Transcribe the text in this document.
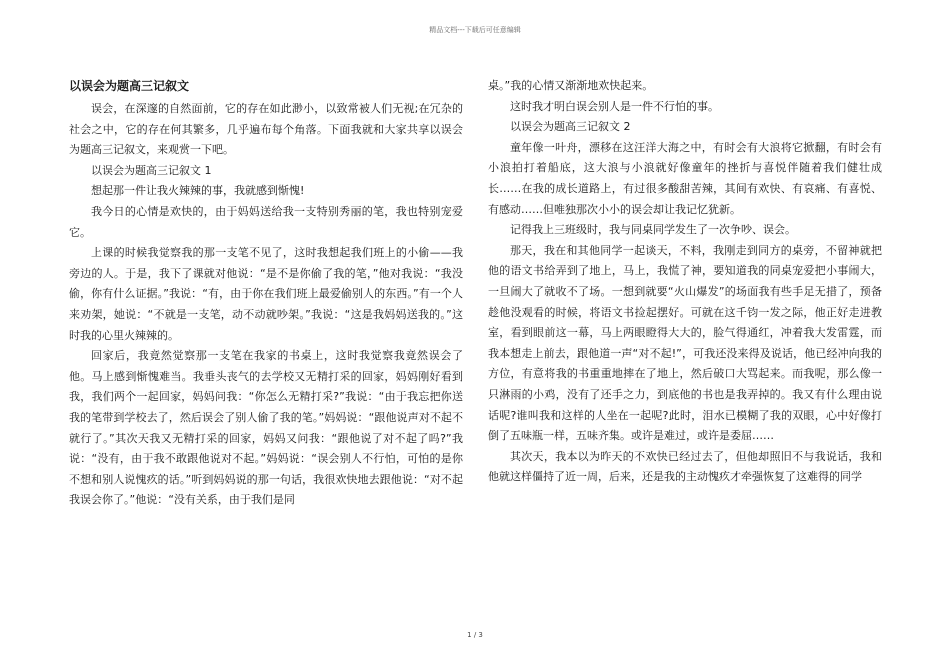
精品文档---下载后可任意编辑
以误会为题高三记叙文

误会，在深邃的自然面前，它的存在如此渺小，以致常被人们无视;在冗杂的社会之中，它的存在何其繁多，几乎遍布每个角落。下面我就和大家共享以误会为题高三记叙文，来观赏一下吧。

以误会为题高三记叙文 1

想起那一件让我火辣辣的事，我就感到惭愧!

我今日的心情是欢快的，由于妈妈送给我一支特别秀丽的笔，我也特别宠爱它。

上课的时候我觉察我的那一支笔不见了，这时我想起我们班上的小偷——我旁边的人。于是，我下了课就对他说：“是不是你偷了我的笔，”他对我说：“我没偷，你有什么证据。”我说：“有，由于你在我们班上最爱偷别人的东西。”有一个人来劝架，她说：“不就是一支笔，动不动就吵架。”我说：“这是我妈妈送我的。”这时我的心里火辣辣的。

回家后，我竟然觉察那一支笔在我家的书桌上，这时我觉察我竟然误会了他。马上感到惭愧难当。我垂头丧气的去学校又无精打采的回家，妈妈刚好看到我，我们两个一起回家，妈妈问我：“你怎么无精打采?”我说：“由于我忘把你送我的笔带到学校去了，然后误会了别人偷了我的笔。”妈妈说：“跟他说声对不起不就行了。”其次天我又无精打采的回家，妈妈又问我：“跟他说了对不起了吗?”我说：“没有，由于我不敢跟他说对不起。”妈妈说：“误会别人不行怕，可怕的是你不想和别人说愧疚的话。”听到妈妈说的那一句话，我很欢快地去跟他说：“对不起我误会你了。”他说：“没有关系，由于我们是同

桌。”我的心情又渐渐地欢快起来。

这时我才明白误会别人是一件不行怕的事。

以误会为题高三记叙文 2

童年像一叶舟，漂移在这汪洋大海之中，有时会有大浪将它掀翻，有时会有小浪拍打着船底，这大浪与小浪就好像童年的挫折与喜悦伴随着我们健壮成长……在我的成长道路上，有过很多酸甜苦辣，其间有欢快、有哀痛、有喜悦、有感动……但唯独那次小小的误会却让我记忆犹新。

记得我上三班级时，我与同桌同学发生了一次争吵、误会。

那天，我在和其他同学一起谈天，不料，我刚走到同方的桌旁，不留神就把他的语文书给弄到了地上，马上，我慌了神，要知道我的同桌宠爱把小事闹大，一旦闹大了就收不了场。一想到就要“火山爆发”的场面我有些手足无措了，预备趁他没观看的时候，将语文书捡起摆好。可就在这千钧一发之际，他正好走进教室，看到眼前这一幕，马上两眼瞪得大大的，脸气得通红，冲着我大发雷霆，而我本想走上前去，跟他道一声“对不起!”，可我还没来得及说话，他已经冲向我的方位，有意将我的书重重地摔在了地上，然后破口大骂起来。而我呢，那么像一只淋雨的小鸡，没有了还手之力，到底他的书也是我弄掉的。我又有什么理由说话呢?谁叫我和这样的人坐在一起呢?此时，泪水已模糊了我的双眼，心中好像打倒了五味瓶一样，五味齐集。或许是难过，或许是委屈……

其次天，我本以为昨天的不欢快已经过去了，但他却照旧不与我说话，我和他就这样僵持了近一周，后来，还是我的主动愧疚才牵强恢复了这难得的同学

1 / 3
